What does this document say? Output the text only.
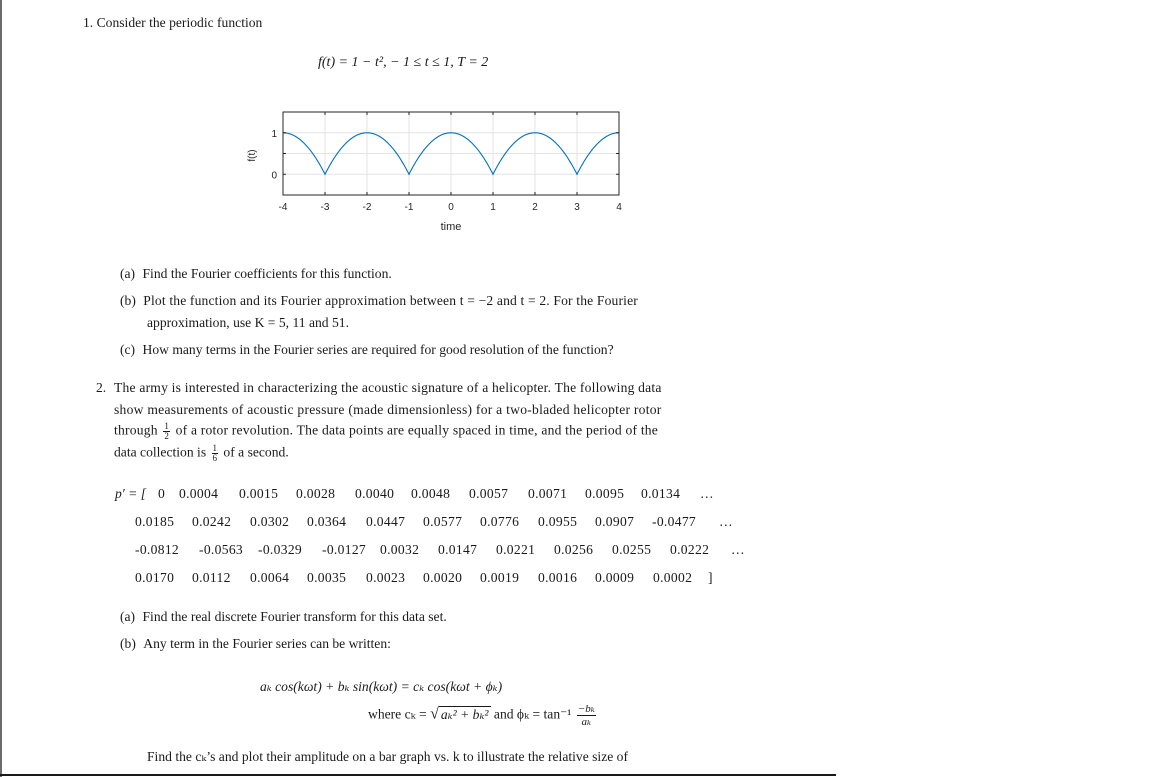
1. Consider the periodic function
f(t) = 1 − t², − 1 ≤ t ≤ 1, T = 2
-4	-3	-2	-1	0	1	2	3	4
0
1
time
f(t)
(a) Find the Fourier coefficients for this function.
(b) Plot the function and its Fourier approximation between t = −2 and t = 2. For the Fourier
approximation, use K = 5, 11 and 51.
(c) How many terms in the Fourier series are required for good resolution of the function?
2. The army is interested in characterizing the acoustic signature of a helicopter. The following data
show measurements of acoustic pressure (made dimensionless) for a two-bladed helicopter rotor
through $\frac{1}{2}$ of a rotor revolution. The data points are equally spaced in time, and the period of the
data collection is $\frac{1}{6}$ of a second.
p′ = [
(a) Find the real discrete Fourier transform for this data set.
(b) Any term in the Fourier series can be written:
aₖ cos(kωt) + bₖ sin(kωt) = cₖ cos(kωt + ϕₖ)
where cₖ = √ aₖ² + bₖ² and $\phi_k = \tan^{-1} \frac{\text{−bₖ}}{\text{aₖ}}$
Find the cₖ’s and plot their amplitude on a bar graph vs. k to illustrate the relative size of
0 0.0004 0.0015 0.0028 0.0040 0.0048 0.0057 0.0071 0.0095 0.0134 …
0.0185 0.0242 0.0302 0.0364 0.0447 0.0577 0.0776 0.0955 0.0907 -0.0477 …
-0.0812 -0.0563 -0.0329 -0.0127 0.0032 0.0147 0.0221 0.0256 0.0255 0.0222 …
0.0170 0.0112 0.0064 0.0035 0.0023 0.0020 0.0019 0.0016 0.0009 0.0002 ]
